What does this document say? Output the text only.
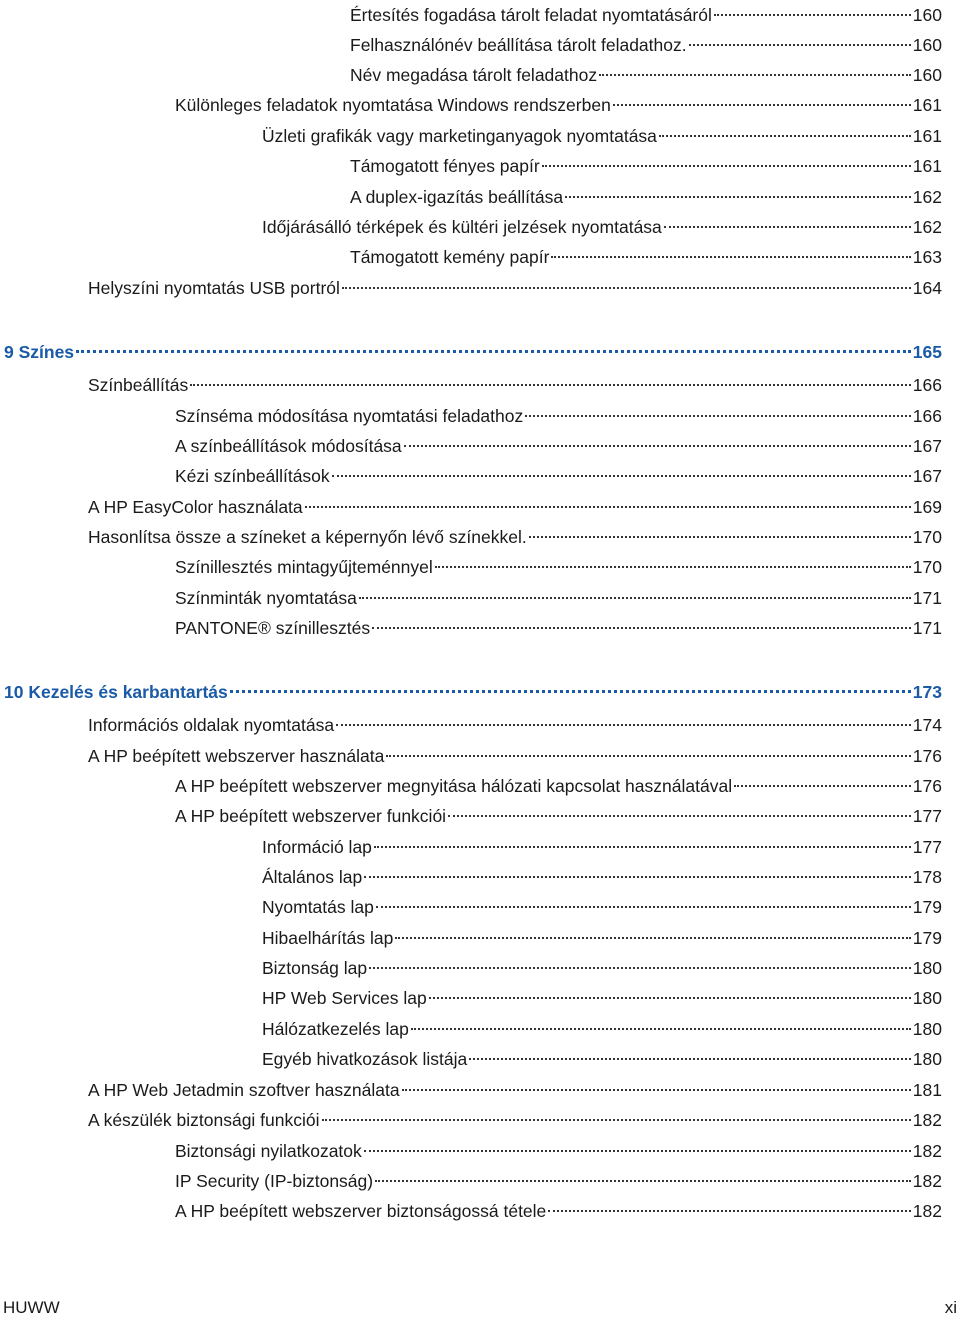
Értesítés fogadása tárolt feladat nyomtatásáról	160
Felhasználónév beállítása tárolt feladathoz.	160
Név megadása tárolt feladathoz	160
Különleges feladatok nyomtatása Windows rendszerben	161
Üzleti grafikák vagy marketinganyagok nyomtatása	161
Támogatott fényes papír	161
A duplex-igazítás beállítása	162
Időjárásálló térképek és kültéri jelzések nyomtatása	162
Támogatott kemény papír	163
Helyszíni nyomtatás USB portról	164
9 Színes	165
Színbeállítás	166
Színséma módosítása nyomtatási feladathoz	166
A színbeállítások módosítása	167
Kézi színbeállítások	167
A HP EasyColor használata	169
Hasonlítsa össze a színeket a képernyőn lévő színekkel.	170
Színillesztés mintagyűjteménnyel	170
Színminták nyomtatása	171
PANTONE® színillesztés	171
10 Kezelés és karbantartás	173
Információs oldalak nyomtatása	174
A HP beépített webszerver használata	176
A HP beépített webszerver megnyitása hálózati kapcsolat használatával	176
A HP beépített webszerver funkciói	177
Információ lap	177
Általános lap	178
Nyomtatás lap	179
Hibaelhárítás lap	179
Biztonság lap	180
HP Web Services lap	180
Hálózatkezelés lap	180
Egyéb hivatkozások listája	180
A HP Web Jetadmin szoftver használata	181
A készülék biztonsági funkciói	182
Biztonsági nyilatkozatok	182
IP Security (IP-biztonság)	182
A HP beépített webszerver biztonságossá tétele	182
HUWW	xi
